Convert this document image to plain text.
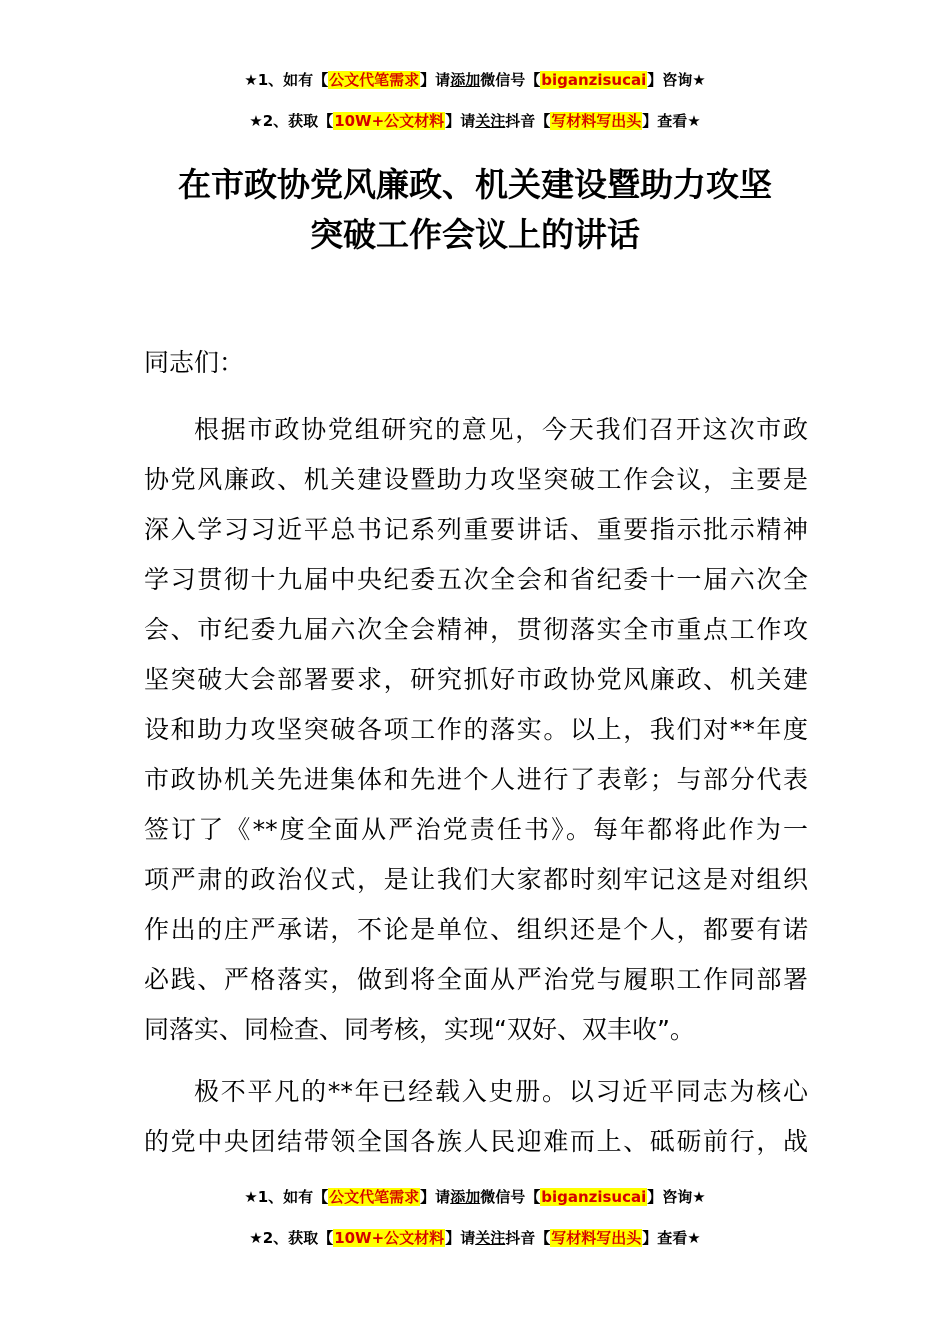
★1、如有【公文代笔需求】请添加微信号【biganzisucai】咨询★
★2、获取【10W+公文材料】请关注抖音【写材料写出头】查看★
在市政协党风廉政、机关建设暨助力攻坚
突破工作会议上的讲话
同志们：
根据市政协党组研究的意见，今天我们召开这次市政
协党风廉政、机关建设暨助力攻坚突破工作会议，主要是
深入学习习近平总书记系列重要讲话、重要指示批示精神
学习贯彻十九届中央纪委五次全会和省纪委十一届六次全
会、市纪委九届六次全会精神，贯彻落实全市重点工作攻
坚突破大会部署要求，研究抓好市政协党风廉政、机关建
设和助力攻坚突破各项工作的落实。以上，我们对**年度
市政协机关先进集体和先进个人进行了表彰；与部分代表
签订了《**度全面从严治党责任书》。每年都将此作为一
项严肃的政治仪式，是让我们大家都时刻牢记这是对组织
作出的庄严承诺，不论是单位、组织还是个人，都要有诺
必践、严格落实，做到将全面从严治党与履职工作同部署
同落实、同检查、同考核，实现“双好、双丰收”。
极不平凡的**年已经载入史册。以习近平同志为核心
的党中央团结带领全国各族人民迎难而上、砥砺前行，战
★1、如有【公文代笔需求】请添加微信号【biganzisucai】咨询★
★2、获取【10W+公文材料】请关注抖音【写材料写出头】查看★
